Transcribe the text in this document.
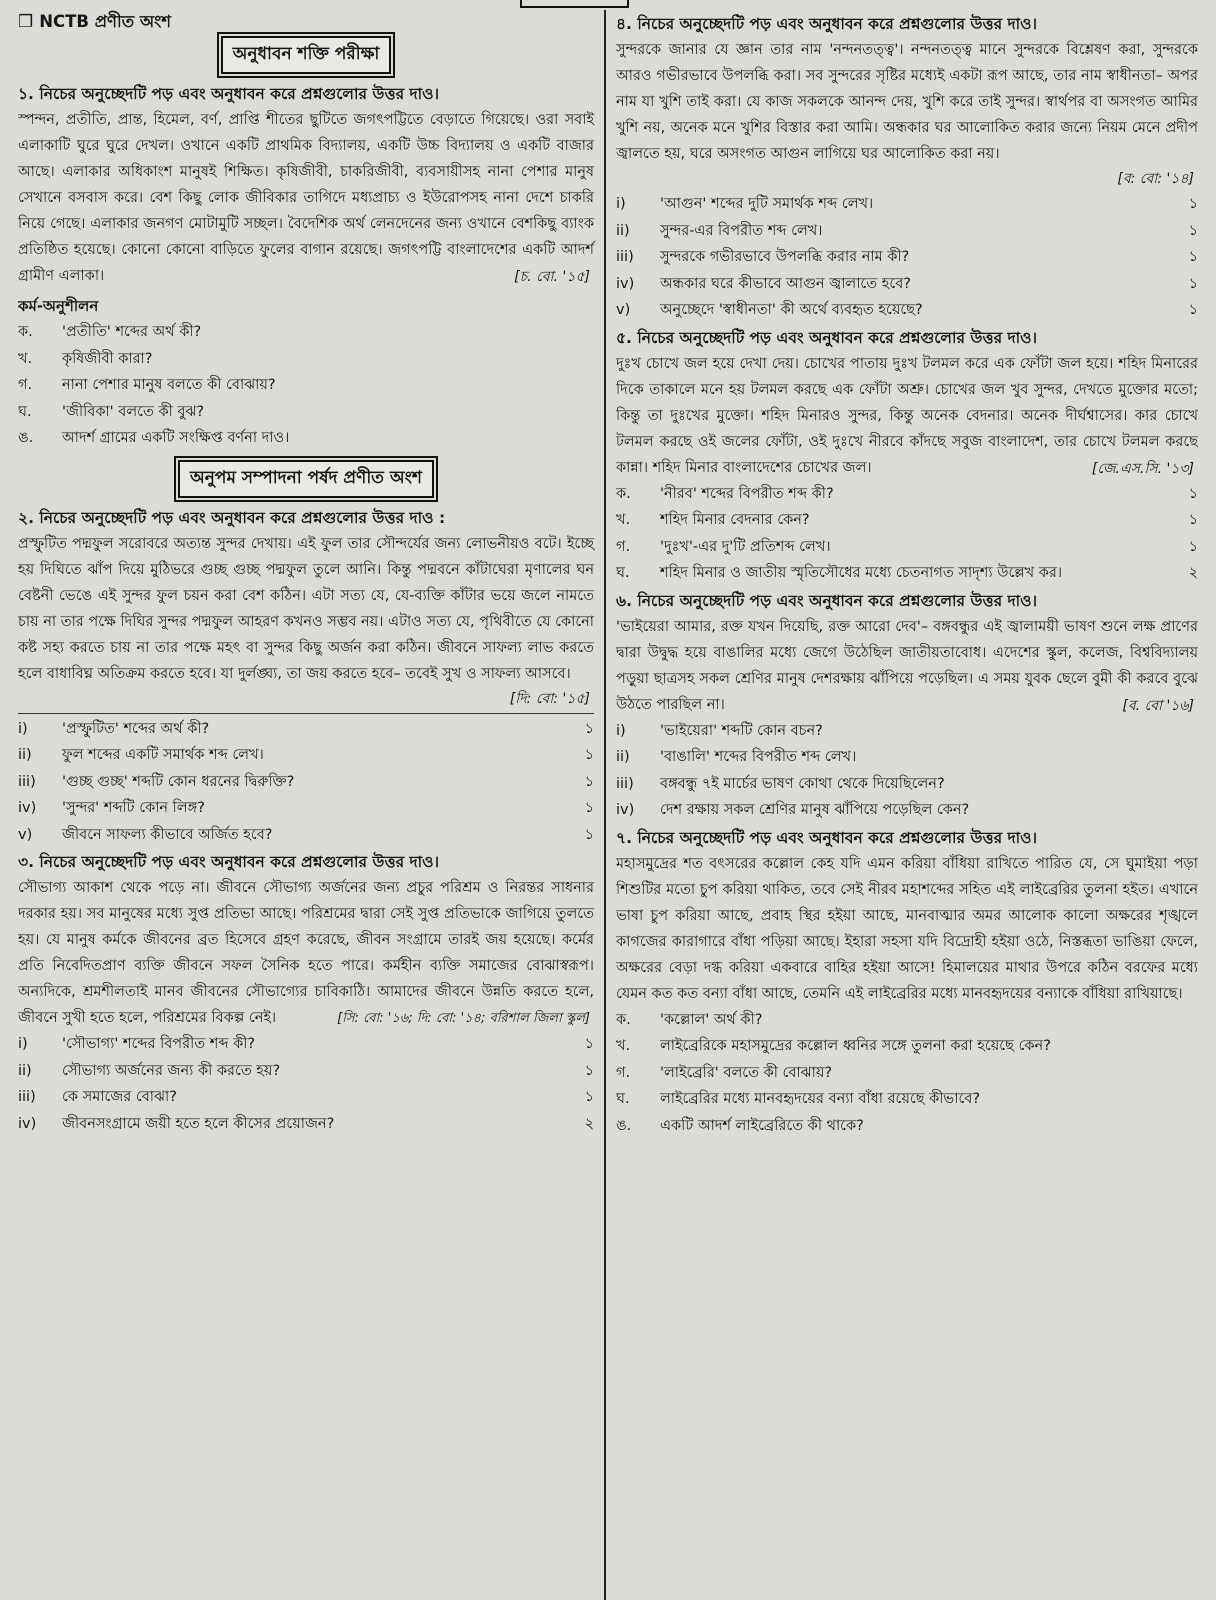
❒ NCTB প্রণীত অংশ
অনুধাবন শক্তি পরীক্ষা
১. নিচের অনুচ্ছেদটি পড় এবং অনুধাবন করে প্রশ্নগুলোর উত্তর দাও।

স্পন্দন, প্রতীতি, প্রান্ত, হিমেল, বর্ণ, প্রাপ্তি শীতের ছুটিতে জগৎপট্টিতে বেড়াতে গিয়েছে। ওরা সবাই এলাকাটি ঘুরে ঘুরে দেখল। ওখানে একটি প্রাথমিক বিদ্যালয়, একটি উচ্চ বিদ্যালয় ও একটি বাজার আছে। এলাকার অধিকাংশ মানুষই শিক্ষিত। কৃষিজীবী, চাকরিজীবী, ব্যবসায়ীসহ নানা পেশার মানুষ সেখানে বসবাস করে। বেশ কিছু লোক জীবিকার তাগিদে মধ্যপ্রাচ্য ও ইউরোপসহ নানা দেশে চাকরি নিয়ে গেছে। এলাকার জনগণ মোটামুটি সচ্ছল। বৈদেশিক অর্থ লেনদেনের জন্য ওখানে বেশকিছু ব্যাংক প্রতিষ্ঠিত হয়েছে। কোনো কোনো বাড়িতে ফুলের বাগান রয়েছে। জগৎপট্টি বাংলাদেশের একটি আদর্শ গ্রামীণ এলাকা।	[চ. বো. '১৫]
কর্ম-অনুশীলন
ক.	'প্রতীতি' শব্দের অর্থ কী?
খ.	কৃষিজীবী কারা?
গ.	নানা পেশার মানুষ বলতে কী বোঝায়?
ঘ.	'জীবিকা' বলতে কী বুঝ?
ঙ.	আদর্শ গ্রামের একটি সংক্ষিপ্ত বর্ণনা দাও।
অনুপম সম্পাদনা পর্ষদ প্রণীত অংশ
২. নিচের অনুচ্ছেদটি পড় এবং অনুধাবন করে প্রশ্নগুলোর উত্তর দাও :

প্রস্ফুটিত পদ্মফুল সরোবরে অত্যন্ত সুন্দর দেখায়। এই ফুল তার সৌন্দর্যের জন্য লোভনীয়ও বটে। ইচ্ছে হয় দিঘিতে ঝাঁপ দিয়ে মুঠিভরে গুচ্ছ গুচ্ছ পদ্মফুল তুলে আনি। কিন্তু পদ্মবনে কাঁটাঘেরা মৃণালের ঘন বেষ্টনী ভেঙে এই সুন্দর ফুল চয়ন করা বেশ কঠিন। এটা সত্য যে, যে-ব্যক্তি কাঁটার ভয়ে জলে নামতে চায় না তার পক্ষে দিঘির সুন্দর পদ্মফুল আহরণ কখনও সম্ভব নয়। এটাও সত্য যে, পৃথিবীতে যে কোনো কষ্ট সহ্য করতে চায় না তার পক্ষে মহৎ বা সুন্দর কিছু অর্জন করা কঠিন। জীবনে সাফল্য লাভ করতে হলে বাধাবিঘ্ন অতিক্রম করতে হবে। যা দুর্লঙ্ঘ্য, তা জয় করতে হবে– তবেই সুখ ও সাফল্য আসবে।

[দি: বো: '১৫]
i)	'প্রস্ফুটিত' শব্দের অর্থ কী?	১
ii)	ফুল শব্দের একটি সমার্থক শব্দ লেখ।	১
iii)	'গুচ্ছ গুচ্ছ' শব্দটি কোন ধরনের দ্বিরুক্তি?	১
iv)	'সুন্দর' শব্দটি কোন লিঙ্গ?	১
v)	জীবনে সাফল্য কীভাবে অর্জিত হবে?	১
৩. নিচের অনুচ্ছেদটি পড় এবং অনুধাবন করে প্রশ্নগুলোর উত্তর দাও।

সৌভাগ্য আকাশ থেকে পড়ে না। জীবনে সৌভাগ্য অর্জনের জন্য প্রচুর পরিশ্রম ও নিরন্তর সাধনার দরকার হয়। সব মানুষের মধ্যে সুপ্ত প্রতিভা আছে। পরিশ্রমের দ্বারা সেই সুপ্ত প্রতিভাকে জাগিয়ে তুলতে হয়। যে মানুষ কর্মকে জীবনের ব্রত হিসেবে গ্রহণ করেছে, জীবন সংগ্রামে তারই জয় হয়েছে। কর্মের প্রতি নিবেদিতপ্রাণ ব্যক্তি জীবনে সফল সৈনিক হতে পারে। কর্মহীন ব্যক্তি সমাজের বোঝাস্বরূপ। অন্যদিকে, শ্রমশীলতাই মানব জীবনের সৌভাগ্যের চাবিকাঠি। আমাদের জীবনে উন্নতি করতে হলে, জীবনে সুখী হতে হলে, পরিশ্রমের বিকল্প নেই।	[সি: বো: '১৬; দি: বো: '১৪; বরিশাল জিলা স্কুল]
i)	'সৌভাগ্য' শব্দের বিপরীত শব্দ কী?	১
ii)	সৌভাগ্য অর্জনের জন্য কী করতে হয়?	১
iii)	কে সমাজের বোঝা?	১
iv)	জীবনসংগ্রামে জয়ী হতে হলে কীসের প্রয়োজন?	২
৪. নিচের অনুচ্ছেদটি পড় এবং অনুধাবন করে প্রশ্নগুলোর উত্তর দাও।

সুন্দরকে জানার যে জ্ঞান তার নাম 'নন্দনতত্ত্ব'। নন্দনতত্ত্ব মানে সুন্দরকে বিশ্লেষণ করা, সুন্দরকে আরও গভীরভাবে উপলব্ধি করা। সব সুন্দরের সৃষ্টির মধ্যেই একটা রূপ আছে, তার নাম স্বাধীনতা– অপর নাম যা খুশি তাই করা। যে কাজ সকলকে আনন্দ দেয়, খুশি করে তাই সুন্দর। স্বার্থপর বা অসংগত আমির খুশি নয়, অনেক মনে খুশির বিস্তার করা আমি। অন্ধকার ঘর আলোকিত করার জন্যে নিয়ম মেনে প্রদীপ জ্বালতে হয়, ঘরে অসংগত আগুন লাগিয়ে ঘর আলোকিত করা নয়।

[ব: বো: '১৪]
i)	'আগুন' শব্দের দুটি সমার্থক শব্দ লেখ।	১
ii)	সুন্দর-এর বিপরীত শব্দ লেখ।	১
iii)	সুন্দরকে গভীরভাবে উপলব্ধি করার নাম কী?	১
iv)	অন্ধকার ঘরে কীভাবে আগুন জ্বালাতে হবে?	১
v)	অনুচ্ছেদে 'স্বাধীনতা' কী অর্থে ব্যবহৃত হয়েছে?	১
৫. নিচের অনুচ্ছেদটি পড় এবং অনুধাবন করে প্রশ্নগুলোর উত্তর দাও।

দুঃখ চোখে জল হয়ে দেখা দেয়। চোখের পাতায় দুঃখ টলমল করে এক ফোঁটা জল হয়ে। শহিদ মিনারের দিকে তাকালে মনে হয় টলমল করছে এক ফোঁটা অশ্রু। চোখের জল খুব সুন্দর, দেখতে মুক্তোর মতো; কিন্তু তা দুঃখের মুক্তো। শহিদ মিনারও সুন্দর, কিন্তু অনেক বেদনার। অনেক দীর্ঘশ্বাসের। কার চোখে টলমল করছে ওই জলের ফোঁটা, ওই দুঃখে নীরবে কাঁদছে সবুজ বাংলাদেশ, তার চোখে টলমল করছে কান্না। শহিদ মিনার বাংলাদেশের চোখের জল।	[জে.এস.সি. '১৩]
ক.	'নীরব' শব্দের বিপরীত শব্দ কী?	১
খ.	শহিদ মিনার বেদনার কেন?	১
গ.	'দুঃখ'-এর দু'টি প্রতিশব্দ লেখ।	১
ঘ.	শহিদ মিনার ও জাতীয় স্মৃতিসৌধের মধ্যে চেতনাগত সাদৃশ্য উল্লেখ কর।	২
৬. নিচের অনুচ্ছেদটি পড় এবং অনুধাবন করে প্রশ্নগুলোর উত্তর দাও।

'ভাইয়েরা আমার, রক্ত যখন দিয়েছি, রক্ত আরো দেব'– বঙ্গবন্ধুর এই জ্বালাময়ী ভাষণ শুনে লক্ষ প্রাণের দ্বারা উদ্বুদ্ধ হয়ে বাঙালির মধ্যে জেগে উঠেছিল জাতীয়তাবোধ। এদেশের স্কুল, কলেজ, বিশ্ববিদ্যালয় পড়ুয়া ছাত্রসহ সকল শ্রেণির মানুষ দেশরক্ষায় ঝাঁপিয়ে পড়েছিল। এ সময় যুবক ছেলে বুমী কী করবে বুঝে উঠতে পারছিল না।	[ব. বো '১৬]
i)	'ভাইয়েরা' শব্দটি কোন বচন?
ii)	'বাঙালি' শব্দের বিপরীত শব্দ লেখ।
iii)	বঙ্গবন্ধু ৭ই মার্চের ভাষণ কোথা থেকে দিয়েছিলেন?
iv)	দেশ রক্ষায় সকল শ্রেণির মানুষ ঝাঁপিয়ে পড়েছিল কেন?
৭. নিচের অনুচ্ছেদটি পড় এবং অনুধাবন করে প্রশ্নগুলোর উত্তর দাও।

মহাসমুদ্রের শত বৎসরের কল্লোল কেহ যদি এমন করিয়া বাঁধিয়া রাখিতে পারিত যে, সে ঘুমাইয়া পড়া শিশুটির মতো চুপ করিয়া থাকিত, তবে সেই নীরব মহাশব্দের সহিত এই লাইব্রেরির তুলনা হইত। এখানে ভাষা চুপ করিয়া আছে, প্রবাহ স্থির হইয়া আছে, মানবাত্মার অমর আলোক কালো অক্ষরের শৃঙ্খলে কাগজের কারাগারে বাঁধা পড়িয়া আছে। ইহারা সহসা যদি বিদ্রোহী হইয়া ওঠে, নিস্তব্ধতা ভাঙিয়া ফেলে, অক্ষরের বেড়া দগ্ধ করিয়া একবারে বাহির হইয়া আসে! হিমালয়ের মাথার উপরে কঠিন বরফের মধ্যে যেমন কত কত বন্যা বাঁধা আছে, তেমনি এই লাইব্রেরির মধ্যে মানবহৃদয়ের বন্যাকে বাঁধিয়া রাখিয়াছে।

ক.	'কল্লোল' অর্থ কী?
খ.	লাইব্রেরিকে মহাসমুদ্রের কল্লোল ধ্বনির সঙ্গে তুলনা করা হয়েছে কেন?
গ.	'লাইব্রেরি' বলতে কী বোঝায়?
ঘ.	লাইব্রেরির মধ্যে মানবহৃদয়ের বন্যা বাঁধা রয়েছে কীভাবে?
ঙ.	একটি আদর্শ লাইব্রেরিতে কী থাকে?
